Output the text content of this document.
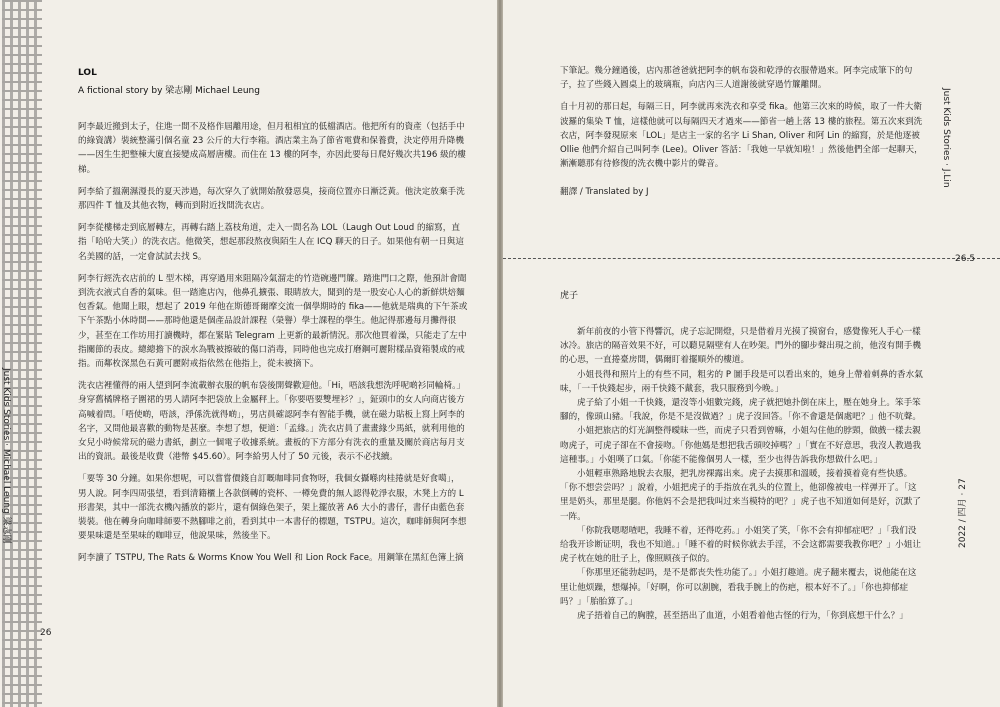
LOL
A fictional story by 梁志剛 Michael Leung

阿李最近搬到太子，住進一間不及格作屆離用途，但月租相宜的低檔酒店。他把所有的資產（包括手中的綠資講）裝統整滿引個名童 23 公斤的大行李箱。酒店業主為了節省電費和保養費，決定停用升降機——因生生把整棟大廈直接變成高層唐樓。而住在 13 樓的阿李，亦因此要每日爬好幾次共196 級的樓梯。

阿李給了搵潮濕漫長的夏天涉過，每次穿久了就開始散發惡臭，接商位置亦日漸泛黃。他決定放棄手洗那四件 T 恤及其他衣物，轉而到附近找間洗衣店。

阿李從樓梯走到底層轉左，再轉右踏上荔枝角道，走入一間名為 LOL（Laugh Out Loud 的縮寫，直指「哈哈大笑」）的洗衣店。他微笑，想起那段熬夜與陌生人在 ICQ 聊天的日子。如果他有朝一日與這名美國的話，一定會試試去找 S。

阿李行經洗衣店前的 L 型木梯，再穿過用來阻隔冷氣溜走的竹造碗邊門簾。踏進門口之際，他預計會聞到洗衣液式自香的氣味。但一踏進店內，他鼻孔擴張、眼睛放大，聞到的是一股安心人心的新鮮烘焙麵包香氣。他聞上眼，想起了 2019 年他在斯德哥爾摩交流一個學期時的 fika——他就是瑞典的下午茶或下午茶點小休時間——那時他還是個產品設計課程（榮譽）學士課程的學生。他記得那邊每月攤得很少，甚至在工作坊用打讀機時，都在緊貼 Telegram 上更新的最新情況。那次他買着澡，只能走了左中指關節的表皮。總總擔下的淚水為戰被擦破的傷口消毒，同時他也完成打磨鋼可麗附樣品資箱製成的戒指。而鄰枚深黑色石黃可麗附戒指依然在他指上，從未被摘下。

洗衣店裡懂得的兩人望到阿李流載辦衣服的帆布袋後開聲歡迎他。「Hi，唔該我想洗呼呢啲衫同輪椅。」身穿舊橘牌格子圍裙的男人請阿李把袋放上金屬秤上。「你要唔要雙埋衫？」，鉦頭巾的女人向商店後方高喊着問。「唔使啲，唔該，淨係洗就得啲」，男店員確認阿李有智能手機，就在磁力貼板上寫上阿李的名字，又問他最喜歡的動物是甚麼。李想了想，便道：「孟緣。」洗衣店員了畫畫緣少馬紙，就利用他的女兒小時候常玩的磁力書紙，劃立一個電子收據系統。畫板的下方部分有洗衣的重量及關於商店每月支出的資訊。最後是收費（港幣 $45.60）。阿李給男人付了 50 元後，表示不必找續。

「要等 30 分鐘。如果你想呢，可以嘗嘗價錢自訂嘅咖啡同食物呀，我個女攝喺肉桂捲就是好食噶」，男人說。阿李四周張望，看到清籍櫃上各款倒轉的瓷杯、一樽免費的無人認得乾淨衣服，木凳上方的 L 形書架，其中一部洗衣機內播放的影片，還有個綠色架子，架上擺放著 A6 大小的書仔，書仔由藍色套裝裝。他在轉身向咖啡師要不熱腳啡之前，看到其中一本書仔的標題，TSTPU。這次，咖啡師與阿李想要果味還是至果味的咖啡豆，他說果味，然後坐下。

阿李讀了 TSTPU, The Rats & Worms Know You Well 和 Lion Rock Face。用鋼筆在黑紅色簿上摘

Just Kids Stories · Michael Leung 梁志剛
26

下筆記。幾分鐘過後，店內那爸爸就把阿李的帆布袋和乾淨的衣服帶過來。阿李完成筆下的句子，拉了些錢入圓桌上的玻璃瓶，向店內三人道謝後就穿過竹簾離開。

自十月初的那日起，每隔三日，阿李就再來洗衣和享受 fika。他第三次來的時候，取了一件大衛波羅的集染 T 恤，這樣他就可以每隔四天才過來——節省一趟上落 13 樓的旅程。第五次來到洗衣店，阿李發現原來「LOL」是店主一家的名字 Li Shan, Oliver 和阿 Lin 的縮寫，於是他逐被 Ollie 他們介紹自己叫阿李 (Lee)。Oliver 答話：「我她一早就知啦！」然後他們全部一起聊天，漸漸聽那有待修復的洗衣機中影片的聲音。

翻譯 / Translated by J
虎子

新年前夜的小管下得響沉，虎子忘記開燈，只是借着月光摸了摸窗台，感覺像死人手心一樣冰冷。旅店的隔音效果不好，可以聽見隔壁有人在吵架。門外的腳步聲出現之前，他沒有開手機的心思，一直捲臺房間，偶爾盯着擺順外的樓道。

小姐長得和照片上的有些不同，粗劣的 P 圖手段是可以看出來的，她身上帶着刺鼻的香水氣味，「一千快錢起步，兩千快錢不戴套，我只服務到今晚。」

虎子給了小姐一千快錢，還沒等小姐數完錢，虎子就把她扑倒在床上，壓在她身上。笨手笨腳的，像頭山豬。「我說，你是不是沒做過？」虎子沒回答。「你不會還是個處吧？」他不吭聲。

小姐把旅店的灯光調整得曖昧一些，而虎子只看到曾嘛，小姐勾住他的脖頸，做戲一樣去親吻虎子，可虎子卻在不會接吻。「你他媽是想把我舌頭咬掉嗎？」「實在不好意思，我沒人教過我這種事。」小姐嘆了口氣。「你能不能像個男人一樣，至少也得告訴我你想做什么吧。」

小姐輕車熟路地脫去衣服，把乳房裸露出來。虎子去摸那和溫暖，接着摸着竟有些快感。「你不想尝尝吗？」說着，小姐把虎子的手指放在乳头的位置上，他卻像被电一样弹开了。「这里是奶头，那里是腿。你他妈不会是把我叫过来当模特的吧？」虎子也不知道如何是好，沉默了一阵。

「你院我嗯嗯喳吧，我睡不着，还得吃药。」小姐笑了笑，「你不会有抑郁症吧？」「我们没给我开诊断证明，我也不知道。」「睡不着的时候你就去手淫，不会这都需要我教你吧？」小姐让虎子枕在她的肚子上，像照顾孩子似的。

「你那里还能勃起吗，是不是都丧失性功能了。」小姐打趣道。虎子翻来覆去，说他能在这里让他烦躁，想爆掉。「好啊，你可以割腕，看我手腕上的伤疤，根本好不了。」「你也抑郁症吗？」「胎胎算了。」

虎子捂着自己的胸膛，甚至捂出了血道，小姐看着他古怪的行为，「你到底想干什么？」

Just Kids Stories · J.Lin
26.5
2022 / 四月 · 27
